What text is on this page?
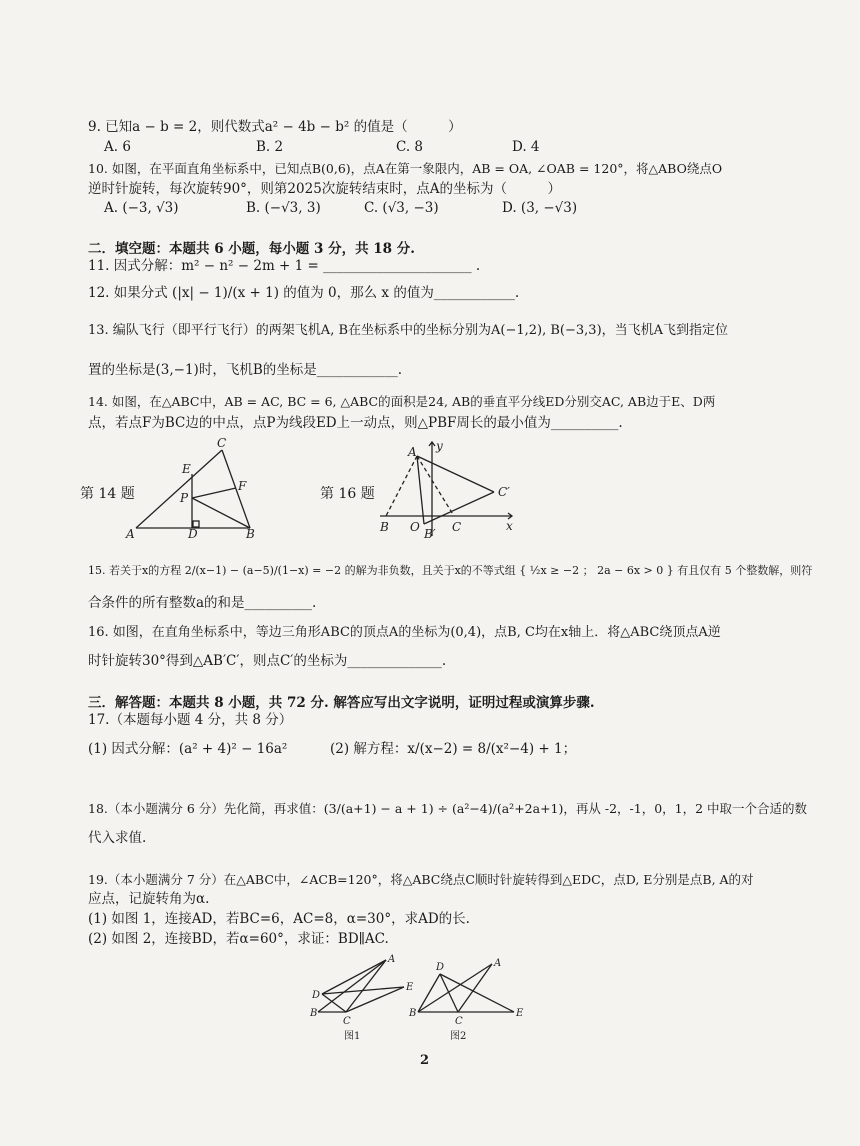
9. 已知a − b = 2，则代数式a² − 4b − b² 的值是（　　　）
A. 6	B. 2	C. 8	D. 4
10. 如图，在平面直角坐标系中，已知点B(0,6)，点A在第一象限内，AB = OA, ∠OAB = 120°，将△ABO绕点O
逆时针旋转，每次旋转90°，则第2025次旋转结束时，点A的坐标为（　　　）
A. (−3, √3)	B. (−√3, 3)	C. (√3, −3)	D. (3, −√3)
二．填空题：本题共 6 小题，每小题 3 分，共 18 分.
11. 因式分解：m² − n² − 2m + 1 = ______________________ .
12. 如果分式 (|x| − 1)/(x + 1) 的值为 0，那么 x 的值为____________.
13. 编队飞行（即平行飞行）的两架飞机A, B在坐标系中的坐标分别为A(−1,2), B(−3,3)，当飞机A飞到指定位
置的坐标是(3,−1)时，飞机B的坐标是____________.
14. 如图，在△ABC中，AB = AC, BC = 6, △ABC的面积是24, AB的垂直平分线ED分别交AC, AB边于E、D两
点，若点F为BC边的中点，点P为线段ED上一动点，则△PBF周长的最小值为__________.
第 14 题
C
E
F
P
A	D	B
第 16 题
A y
C′
B O B′ C	x
15. 若关于x的方程 2/(x−1) − (a−5)/(1−x) = −2 的解为非负数，且关于x的不等式组 { ½x ≥ −2 ； 2a − 6x > 0 } 有且仅有 5 个整数解，则符
合条件的所有整数a的和是__________.
16. 如图，在直角坐标系中，等边三角形ABC的顶点A的坐标为(0,4)，点B, C均在x轴上．将△ABC绕顶点A逆
时针旋转30°得到△AB′C′，则点C′的坐标为______________.
三．解答题：本题共 8 小题，共 72 分. 解答应写出文字说明，证明过程或演算步骤.
17.（本题每小题 4 分，共 8 分）
(1) 因式分解：(a² + 4)² − 16a²	(2) 解方程：x/(x−2) = 8/(x²−4) + 1；
18.（本小题满分 6 分）先化简，再求值：(3/(a+1) − a + 1) ÷ (a²−4)/(a²+2a+1)，再从 -2，-1，0，1，2 中取一个合适的数
代入求值.
19.（本小题满分 7 分）在△ABC中，∠ACB=120°，将△ABC绕点C顺时针旋转得到△EDC，点D, E分别是点B, A的对
应点，记旋转角为α.
(1) 如图 1，连接AD，若BC=6，AC=8，α=30°，求AD的长.
(2) 如图 2，连接BD，若α=60°，求证：BD∥AC.
A
D
E
B
C
图1
A
D
E
B
C
图2
2
